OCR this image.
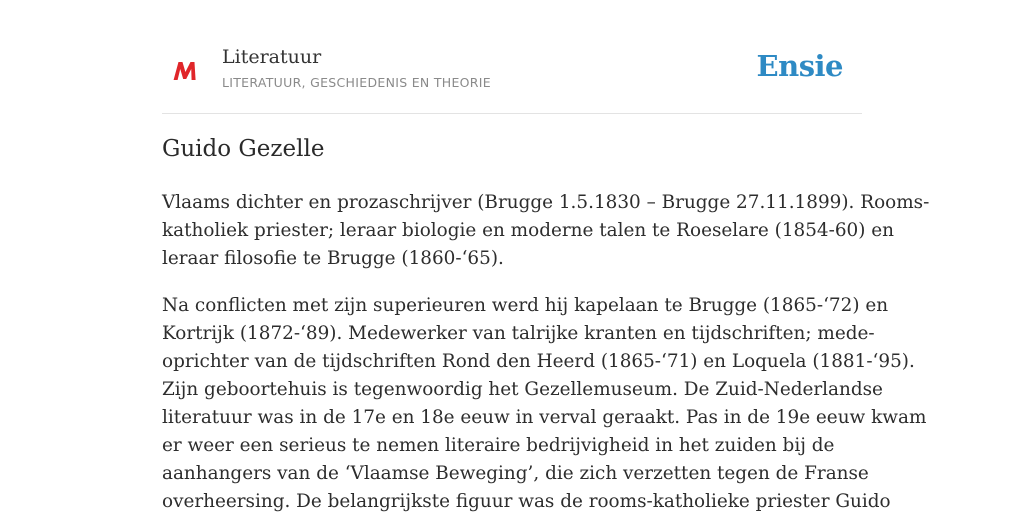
Literatuur
LITERATUUR, GESCHIEDENIS EN THEORIE	Ensie
Guido Gezelle

Vlaams dichter en prozaschrijver (Brugge 1.5.1830 – Brugge 27.11.1899). Rooms-
katholiek priester; leraar biologie en moderne talen te Roeselare (1854-60) en
leraar filosofie te Brugge (1860-‘65).

Na conflicten met zijn superieuren werd hij kapelaan te Brugge (1865-‘72) en
Kortrijk (1872-‘89). Medewerker van talrijke kranten en tijdschriften; mede-
oprichter van de tijdschriften Rond den Heerd (1865-‘71) en Loquela (1881-‘95).
Zijn geboortehuis is tegenwoordig het Gezellemuseum. De Zuid-Nederlandse
literatuur was in de 17e en 18e eeuw in verval geraakt. Pas in de 19e eeuw kwam
er weer een serieus te nemen literaire bedrijvigheid in het zuiden bij de
aanhangers van de ‘Vlaamse Beweging’, die zich verzetten tegen de Franse
overheersing. De belangrijkste figuur was de rooms-katholieke priester Guido
